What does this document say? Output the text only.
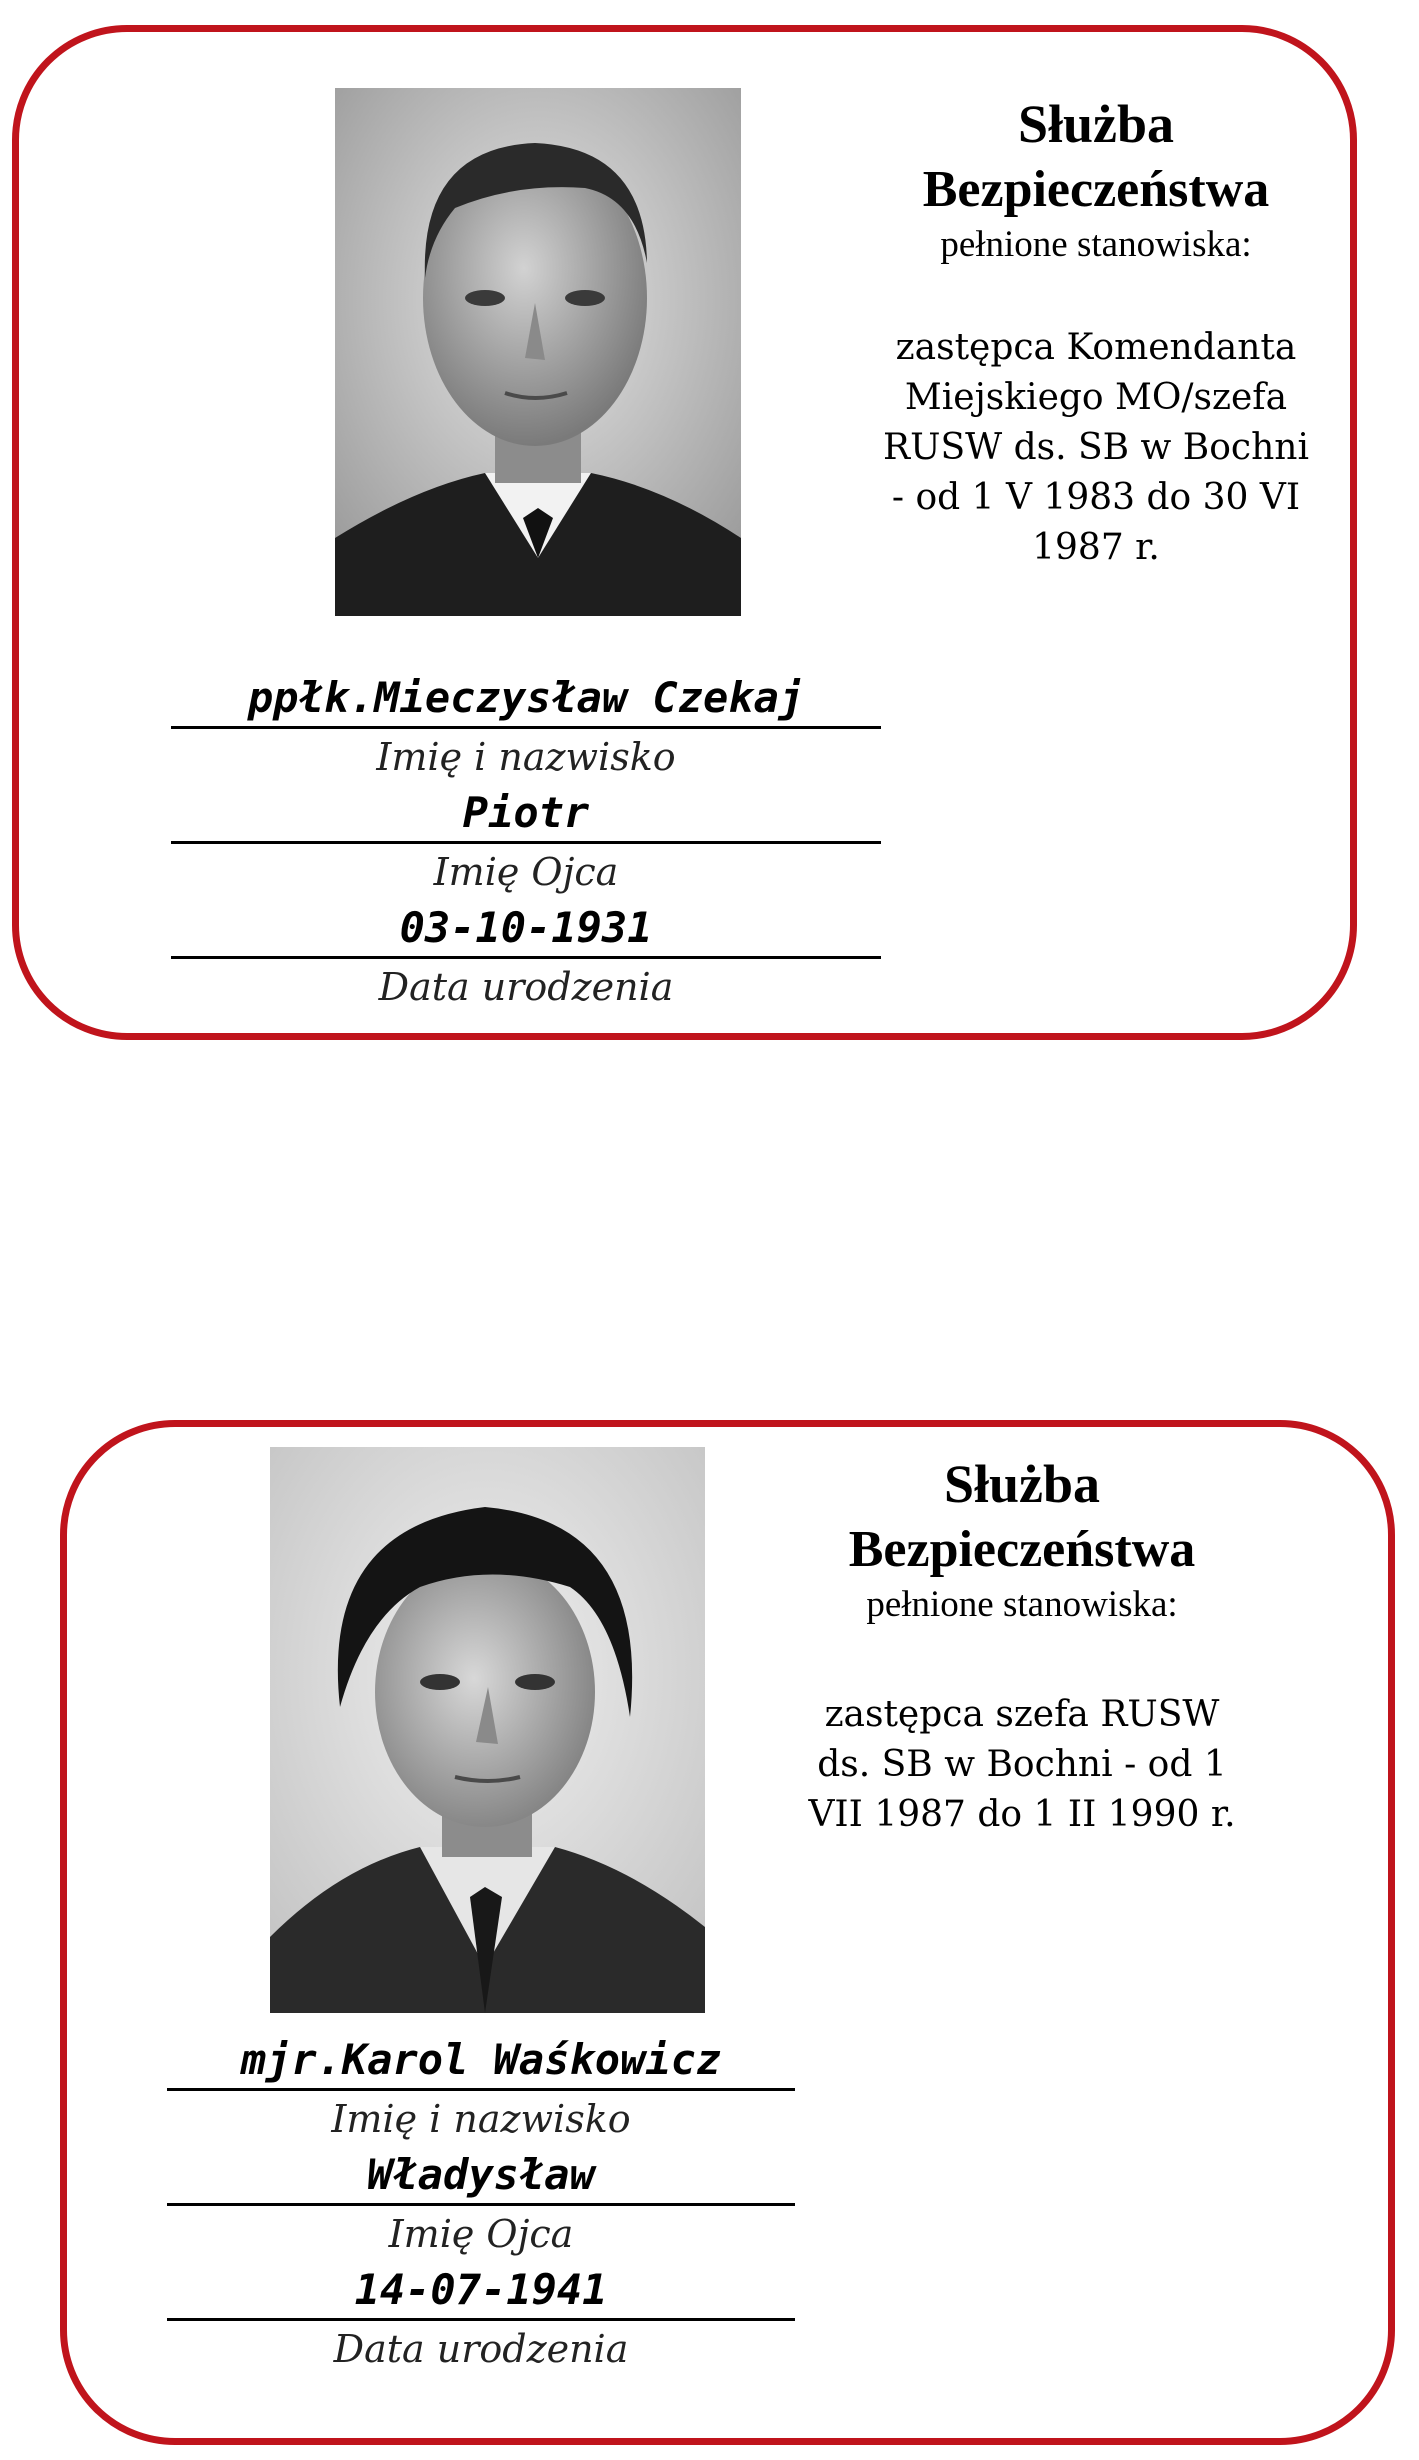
ppłk.Mieczysław Czekaj
Imię i nazwisko
Piotr
Imię Ojca
03-10-1931
Data urodzenia
Służba
Bezpieczeństwa
pełnione stanowiska:
zastępca Komendanta Miejskiego MO/szefa RUSW ds. SB w Bochni - od 1 V 1983 do 30 VI 1987 r.
mjr.Karol Waśkowicz
Imię i nazwisko
Władysław
Imię Ojca
14-07-1941
Data urodzenia
Służba
Bezpieczeństwa
pełnione stanowiska:
zastępca szefa RUSW ds. SB w Bochni - od 1 VII 1987 do 1 II 1990 r.
